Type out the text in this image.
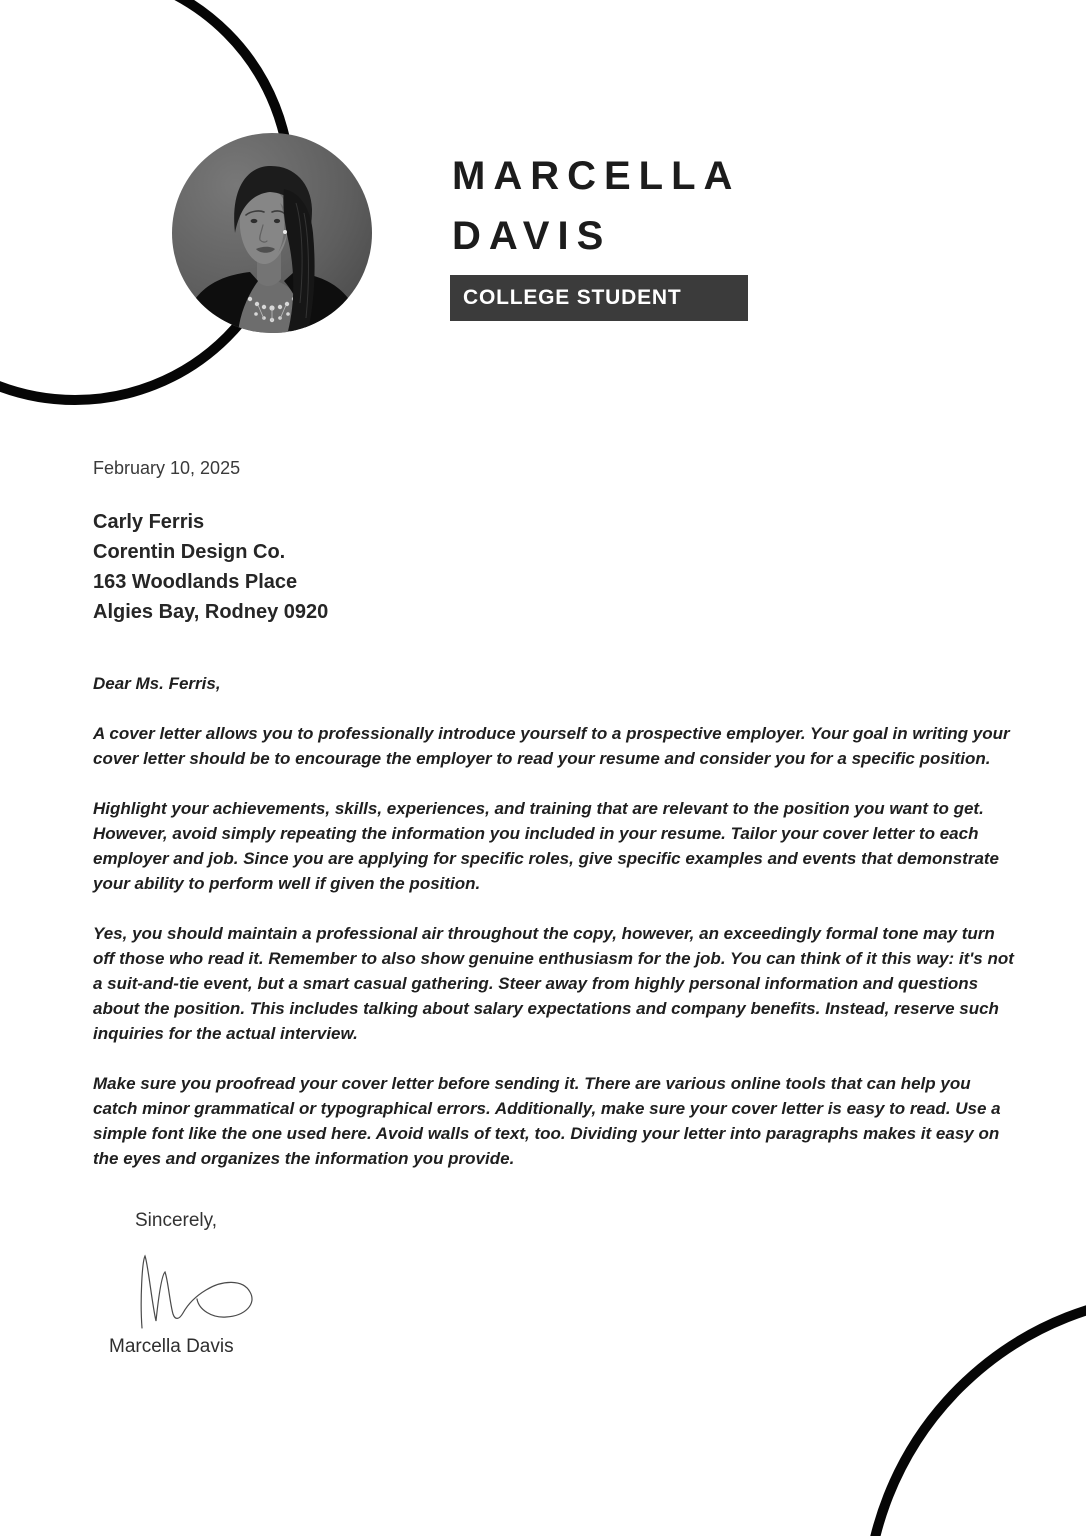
MARCELLA
DAVIS
COLLEGE STUDENT
February 10, 2025
Carly Ferris
Corentin Design Co.
163 Woodlands Place
Algies Bay, Rodney 0920
Dear Ms. Ferris,

A cover letter allows you to professionally introduce yourself to a prospective employer. Your goal in writing your cover letter should be to encourage the employer to read your resume and consider you for a specific position.

Highlight your achievements, skills, experiences, and training that are relevant to the position you want to get. However, avoid simply repeating the information you included in your resume. Tailor your cover letter to each employer and job. Since you are applying for specific roles, give specific examples and events that demonstrate your ability to perform well if given the position.

Yes, you should maintain a professional air throughout the copy, however, an exceedingly formal tone may turn off those who read it. Remember to also show genuine enthusiasm for the job. You can think of it this way: it's not a suit-and-tie event, but a smart casual gathering. Steer away from highly personal information and questions about the position. This includes talking about salary expectations and company benefits. Instead, reserve such inquiries for the actual interview.

Make sure you proofread your cover letter before sending it. There are various online tools that can help you catch minor grammatical or typographical errors. Additionally, make sure your cover letter is easy to read. Use a simple font like the one used here. Avoid walls of text, too. Dividing your letter into paragraphs makes it easy on the eyes and organizes the information you provide.

Sincerely,
Marcella Davis
